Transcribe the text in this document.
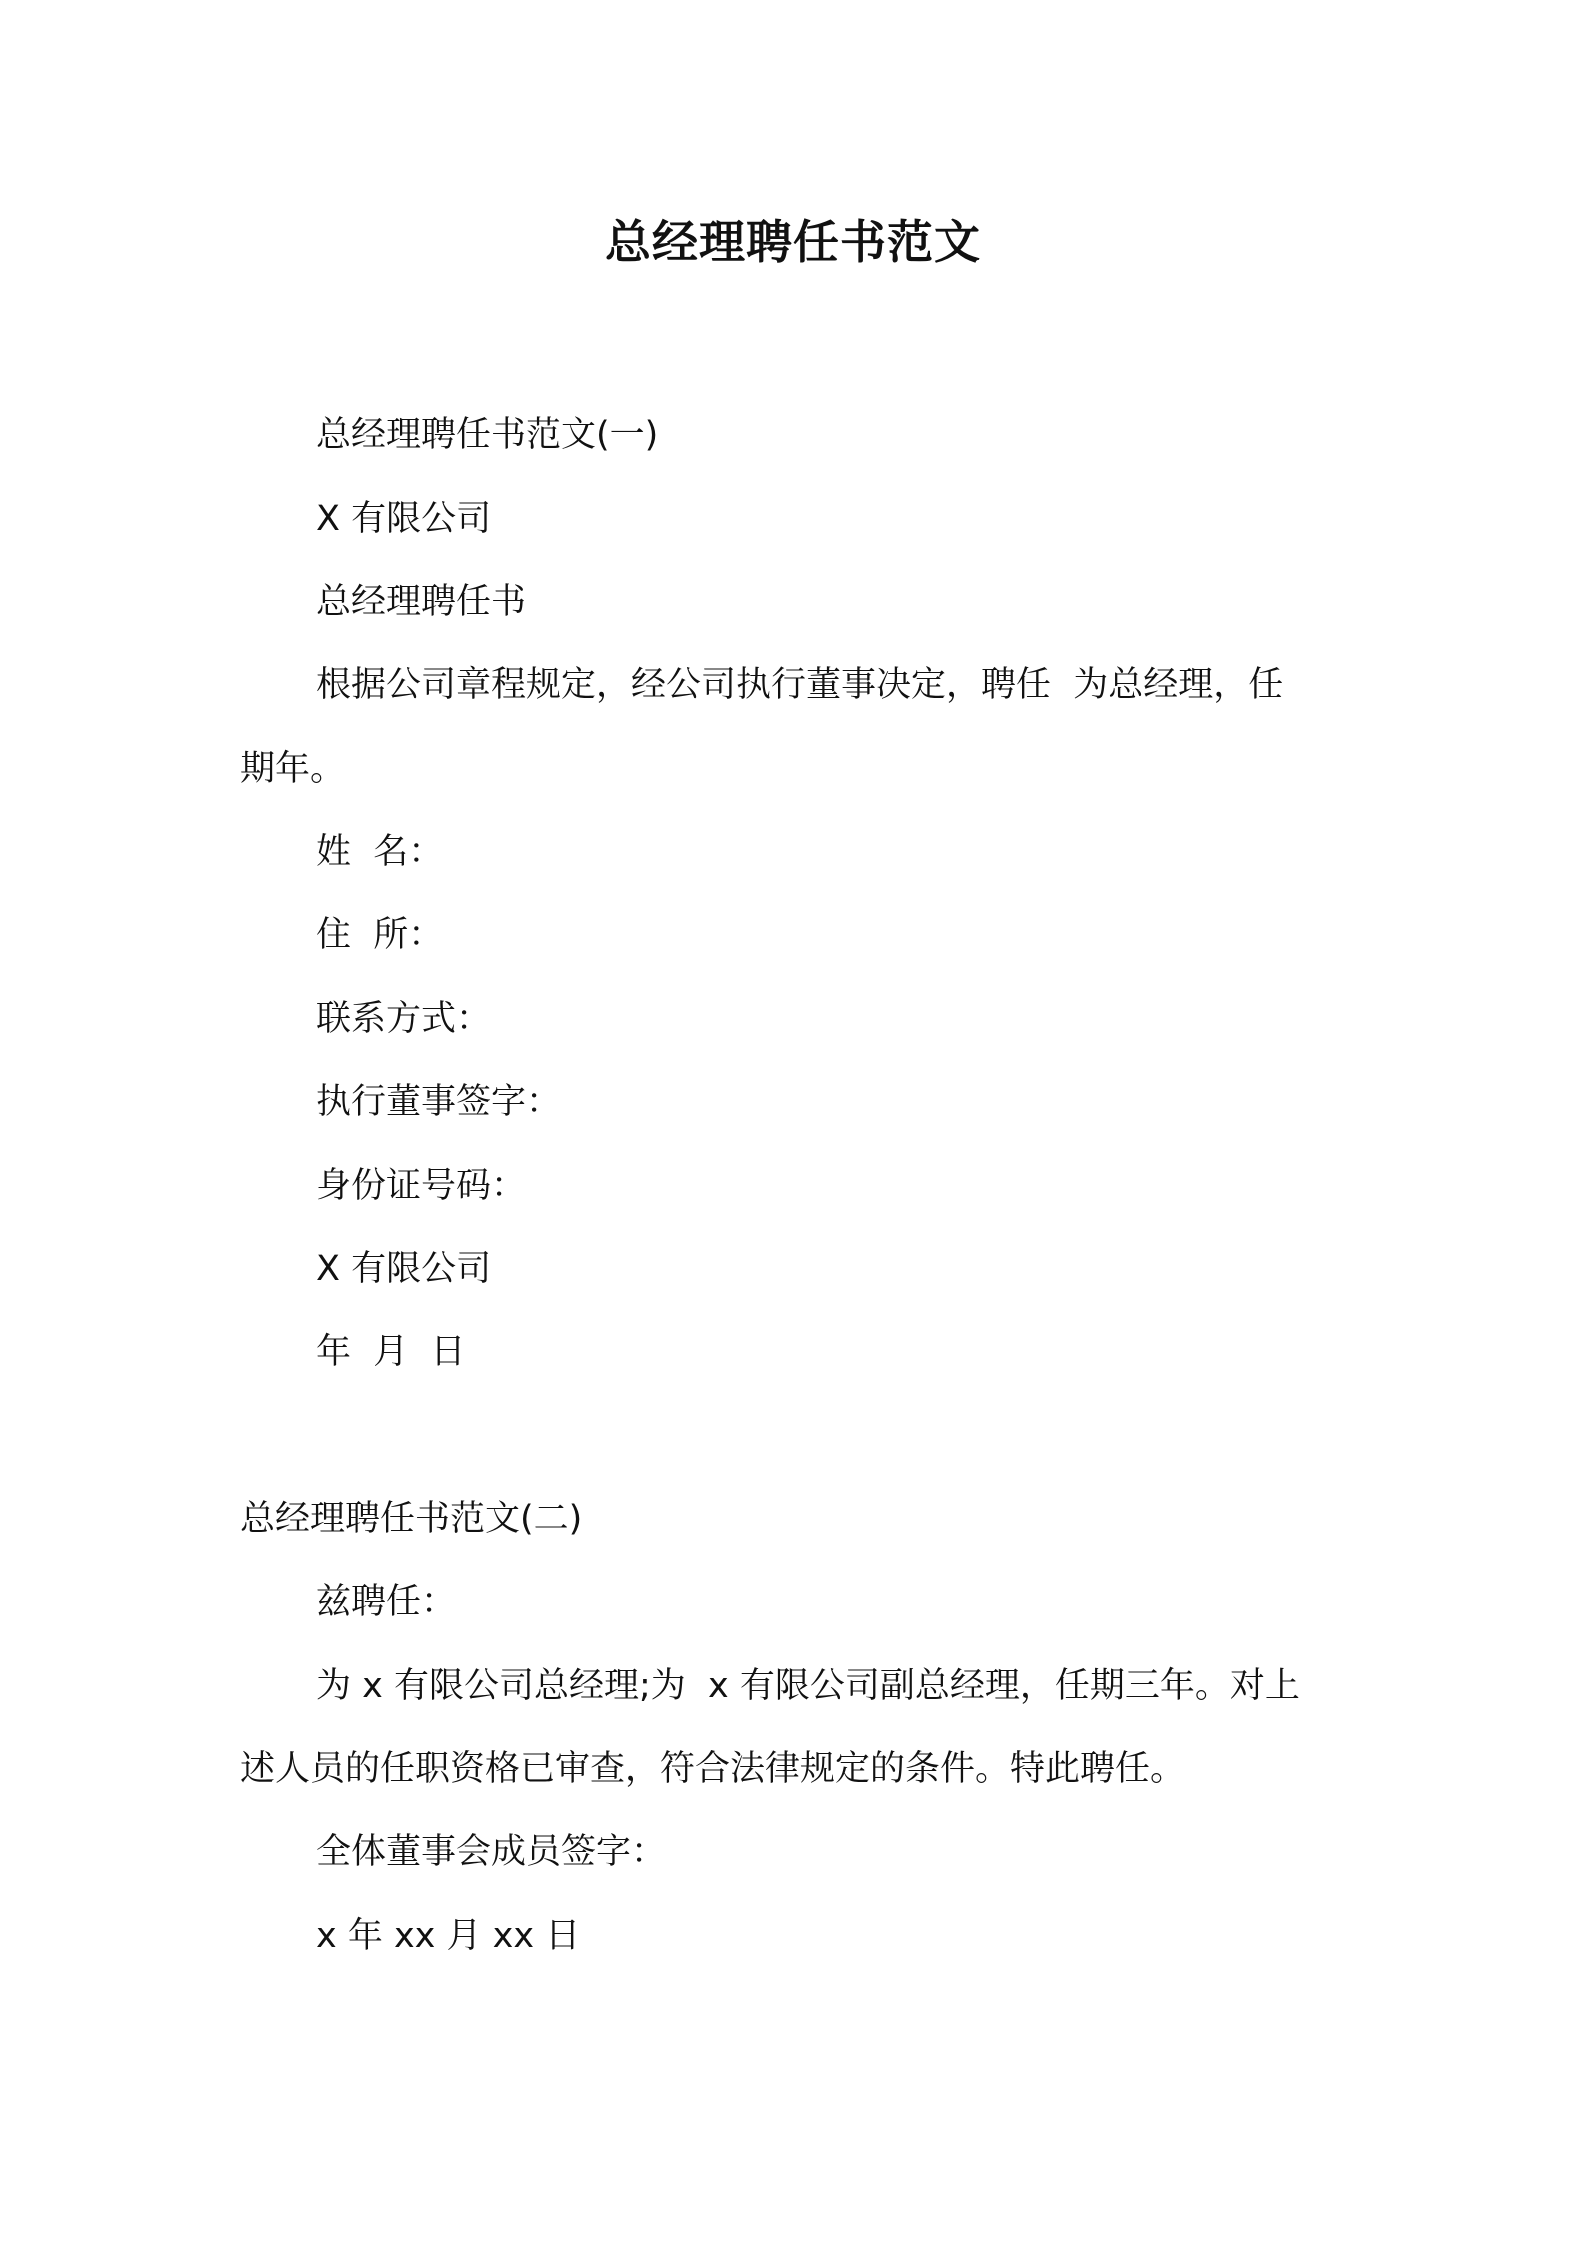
总经理聘任书范文
总经理聘任书范文(一)
X 有限公司
总经理聘任书
根据公司章程规定，经公司执行董事决定，聘任  为总经理，任
期年。
姓  名：
住  所：
联系方式：
执行董事签字：
身份证号码：
X 有限公司
年  月  日
总经理聘任书范文(二)
兹聘任：
为 x 有限公司总经理;为  x 有限公司副总经理，任期三年。对上
述人员的任职资格已审查，符合法律规定的条件。特此聘任。
全体董事会成员签字：
x 年 xx 月 xx 日
